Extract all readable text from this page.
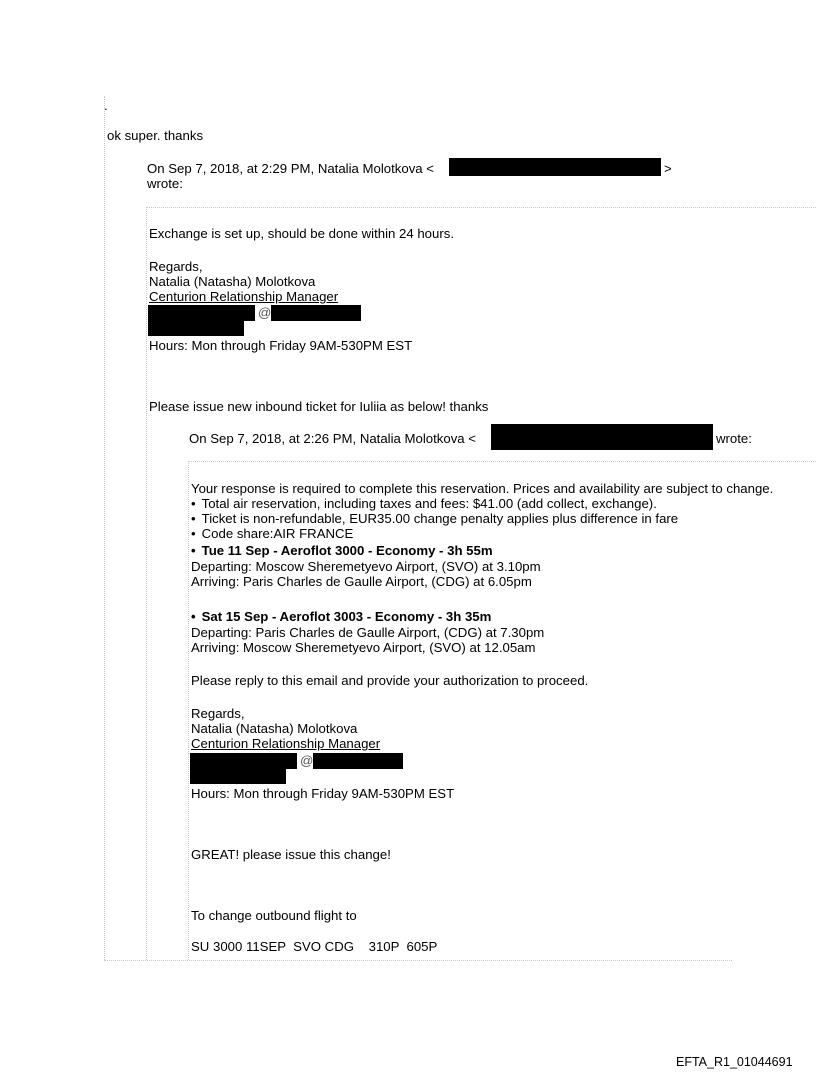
.
ok super. thanks
On Sep 7, 2018, at 2:29 PM, Natalia Molotkova <	>
wrote:
Exchange is set up, should be done within 24 hours.
Regards,
Natalia (Natasha) Molotkova
Centurion Relationship Manager
@
Hours: Mon through Friday 9AM-530PM EST
Please issue new inbound ticket for Iuliia as below! thanks
On Sep 7, 2018, at 2:26 PM, Natalia Molotkova <	wrote:
Your response is required to complete this reservation. Prices and availability are subject to change.
• Total air reservation, including taxes and fees: $41.00 (add collect, exchange).
• Ticket is non-refundable, EUR35.00 change penalty applies plus difference in fare
• Code share:AIR FRANCE
• Tue 11 Sep - Aeroflot 3000 - Economy - 3h 55m
Departing: Moscow Sheremetyevo Airport, (SVO) at 3.10pm
Arriving: Paris Charles de Gaulle Airport, (CDG) at 6.05pm
• Sat 15 Sep - Aeroflot 3003 - Economy - 3h 35m
Departing: Paris Charles de Gaulle Airport, (CDG) at 7.30pm
Arriving: Moscow Sheremetyevo Airport, (SVO) at 12.05am
Please reply to this email and provide your authorization to proceed.
Regards,
Natalia (Natasha) Molotkova
Centurion Relationship Manager
@
Hours: Mon through Friday 9AM-530PM EST
GREAT! please issue this change!
To change outbound flight to
SU 3000 11SEP  SVO CDG    310P  605P
EFTA_R1_01044691
